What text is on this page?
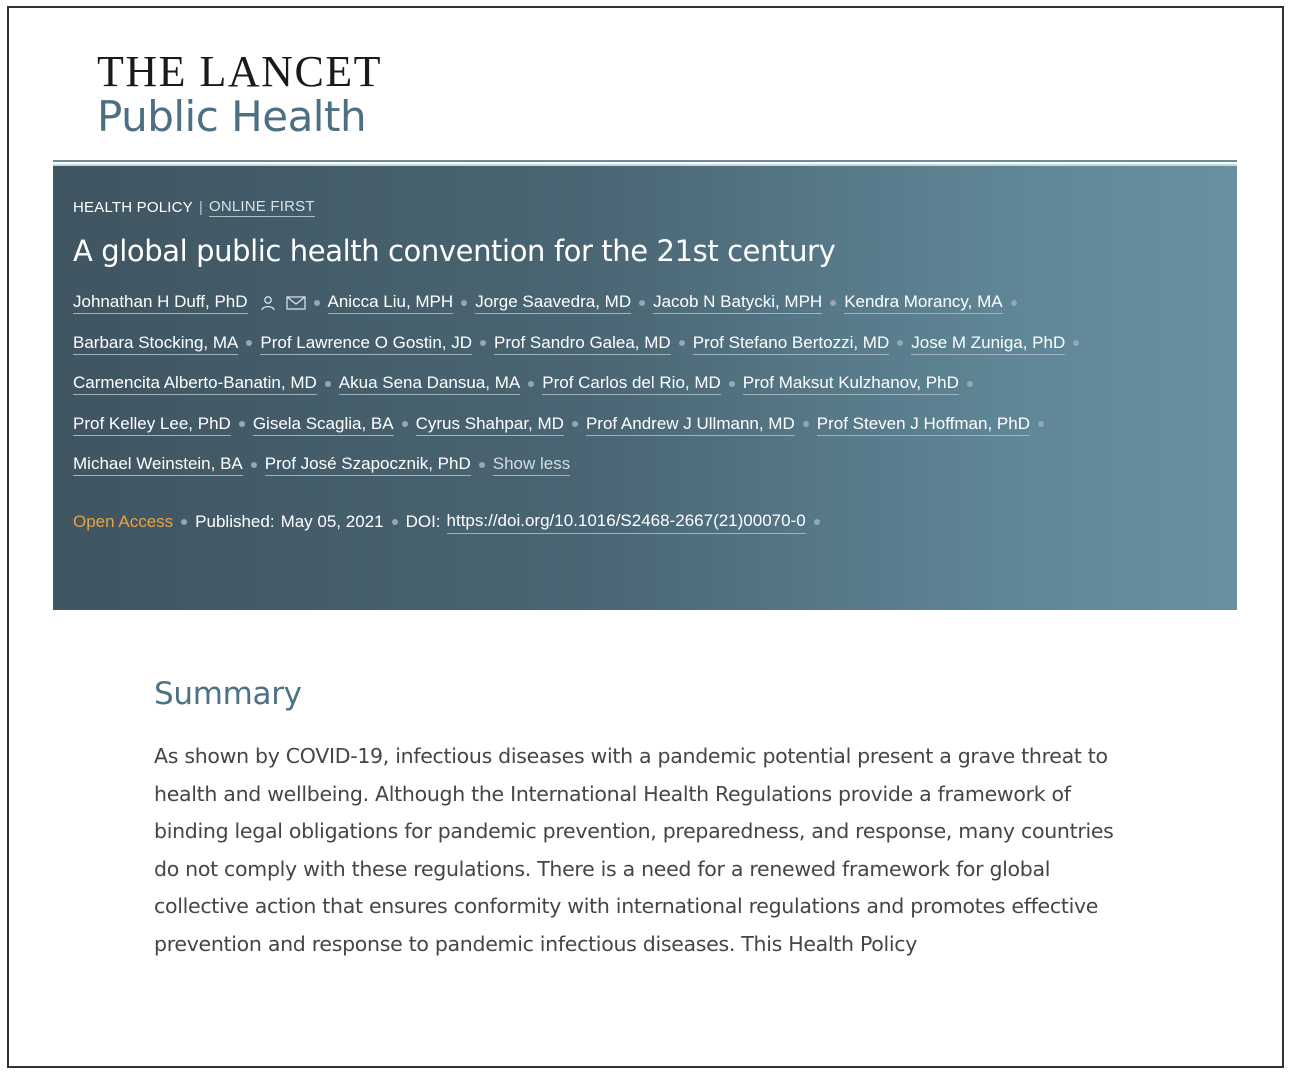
THE LANCET
Public Health
HEALTH POLICY | ONLINE FIRST
A global public health convention for the 21st century
Johnathan H Duff, PhD	Anicca Liu, MPH Jorge Saavedra, MD Jacob N Batycki, MPH Kendra Morancy, MA
Barbara Stocking, MA Prof Lawrence O Gostin, JD Prof Sandro Galea, MD Prof Stefano Bertozzi, MD Jose M Zuniga, PhD
Carmencita Alberto-Banatin, MD Akua Sena Dansua, MA Prof Carlos del Rio, MD Prof Maksut Kulzhanov, PhD
Prof Kelley Lee, PhD Gisela Scaglia, BA Cyrus Shahpar, MD Prof Andrew J Ullmann, MD Prof Steven J Hoffman, PhD
Michael Weinstein, BA Prof José Szapocznik, PhD Show less
Open Access Published: May 05, 2021 DOI: https://doi.org/10.1016/S2468-2667(21)00070-0
Summary

As shown by COVID-19, infectious diseases with a pandemic potential present a grave threat to health and wellbeing. Although the International Health Regulations provide a framework of binding legal obligations for pandemic prevention, preparedness, and response, many countries do not comply with these regulations. There is a need for a renewed framework for global collective action that ensures conformity with international regulations and promotes effective prevention and response to pandemic infectious diseases. This Health Policy
